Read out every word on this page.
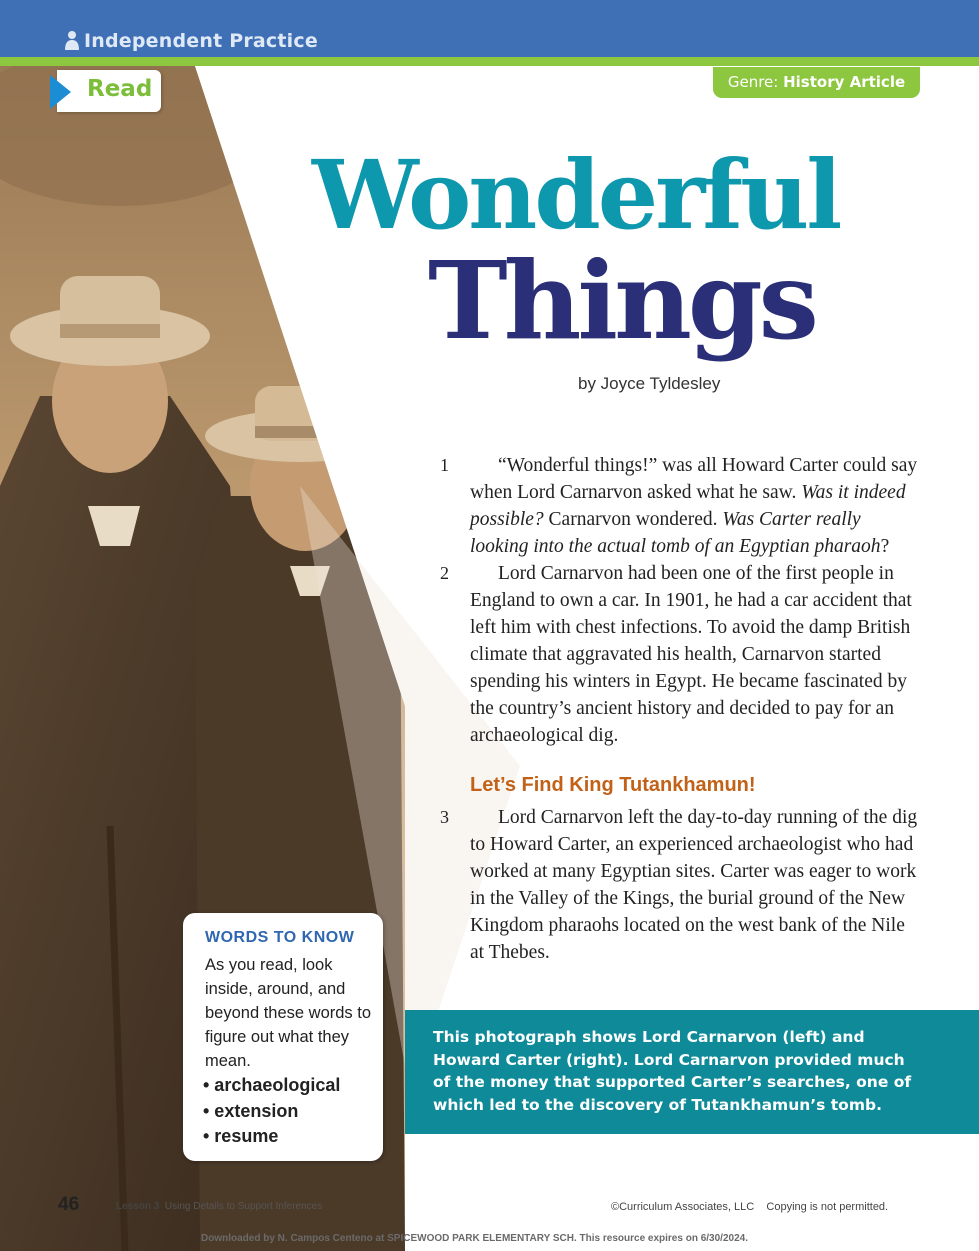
Independent Practice
Read	Genre: History Article
Wonderful
Things
by Joyce Tyldesley
1	“Wonderful things!” was all Howard Carter could say when Lord Carnarvon asked what he saw. Was it indeed possible? Carnarvon wondered. Was Carter really looking into the actual tomb of an Egyptian pharaoh?
2	Lord Carnarvon had been one of the first people in England to own a car. In 1901, he had a car accident that left him with chest infections. To avoid the damp British climate that aggravated his health, Carnarvon started spending his winters in Egypt. He became fascinated by the country’s ancient history and decided to pay for an archaeological dig.
Let’s Find King Tutankhamun!
3	Lord Carnarvon left the day-to-day running of the dig to Howard Carter, an experienced archaeologist who had worked at many Egyptian sites. Carter was eager to work in the Valley of the Kings, the burial ground of the New Kingdom pharaohs located on the west bank of the Nile at Thebes.
This photograph shows Lord Carnarvon (left) and Howard Carter (right). Lord Carnarvon provided much of the money that supported Carter’s searches, one of which led to the discovery of Tutankhamun’s tomb.
WORDS TO KNOW
As you read, look inside, around, and beyond these words to figure out what they mean.
• archaeological
• extension
• resume
46	Lesson 3 Using Details to Support Inferences	©Curriculum Associates, LLC    Copying is not permitted.
Downloaded by N. Campos Centeno at SPICEWOOD PARK ELEMENTARY SCH. This resource expires on 6/30/2024.
